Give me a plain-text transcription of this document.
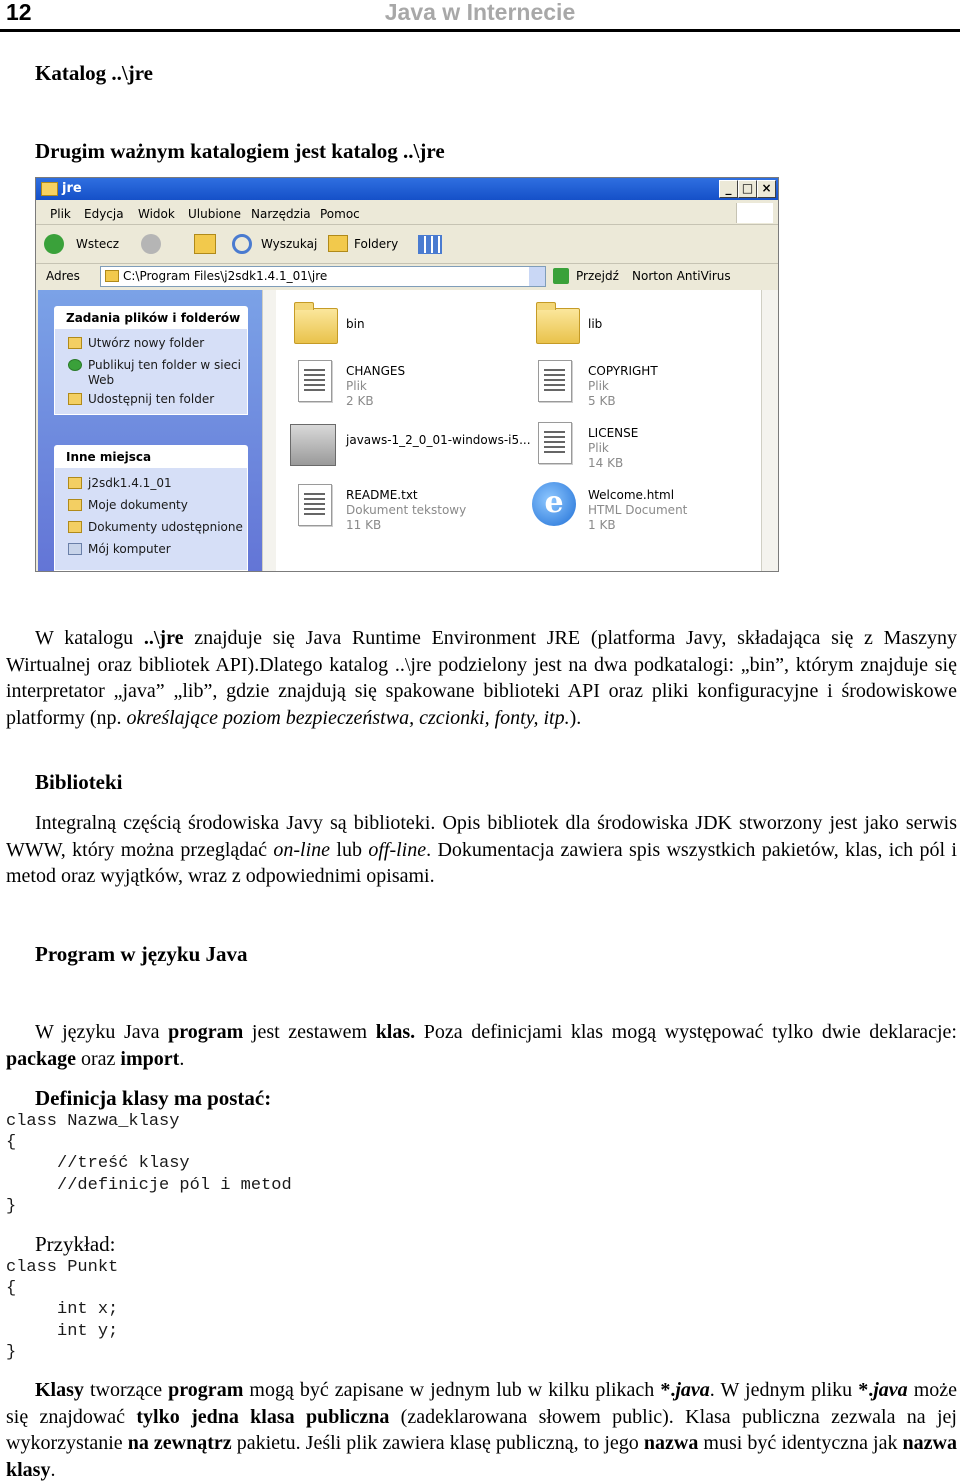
Java w Internecie
12
Katalog ..\jre
Drugim ważnym katalogiem jest katalog ..\jre
jre	_ □ ×
Plik Edycja Widok Ulubione Narzędzia Pomoc
Wstecz	Wyszukaj	Foldery
Adres	C:\Program Files\j2sdk1.4.1_01\jre	Przejdź Norton AntiVirus
Zadania plików i folderów
Utwórz nowy folder
Publikuj ten folder w sieci
Web
Udostępnij ten folder
Inne miejsca
j2sdk1.4.1_01
Moje dokumenty
Dokumenty udostępnione
Mój komputer
bin	lib
CHANGES
Plik
2 KB
COPYRIGHT
Plik
5 KB
javaws-1_2_0_01-windows-i5...	LICENSE
Plik
14 KB
README.txt
Dokument tekstowy
11 KB
e	Welcome.html
HTML Document
1 KB
W katalogu ..\jre znajduje się Java Runtime Environment JRE (platforma Javy, składająca się z Maszyny Wirtualnej oraz bibliotek API).Dlatego katalog ..\jre podzielony jest na dwa podkatalogi: „bin”, którym znajduje się interpretator „java” „lib”, gdzie znajdują się spakowane biblioteki API oraz pliki konfiguracyjne i środowiskowe platformy (np. określające poziom bezpieczeństwa, czcionki, fonty, itp.).
Biblioteki
Integralną częścią środowiska Javy są biblioteki. Opis bibliotek dla środowiska JDK stworzony jest jako serwis WWW, który można przeglądać on-line lub off-line. Dokumentacja zawiera spis wszystkich pakietów, klas, ich pól i metod oraz wyjątków, wraz z odpowiednimi opisami.
Program w języku Java
W języku Java program jest zestawem klas. Poza definicjami klas mogą występować tylko dwie deklaracje: package oraz import.
Definicja klasy ma postać:
class Nazwa_klasy
{
//treść klasy
//definicje pól i metod
}
Przykład:
class Punkt
{
int x;
int y;
}
Klasy tworzące program mogą być zapisane w jednym lub w kilku plikach *.java. W jednym pliku *.java może się znajdować tylko jedna klasa publiczna (zadeklarowana słowem public). Klasa publiczna zezwala na jej wykorzystanie na zewnątrz pakietu. Jeśli plik zawiera klasę publiczną, to jego nazwa musi być identyczna jak nazwa klasy.
